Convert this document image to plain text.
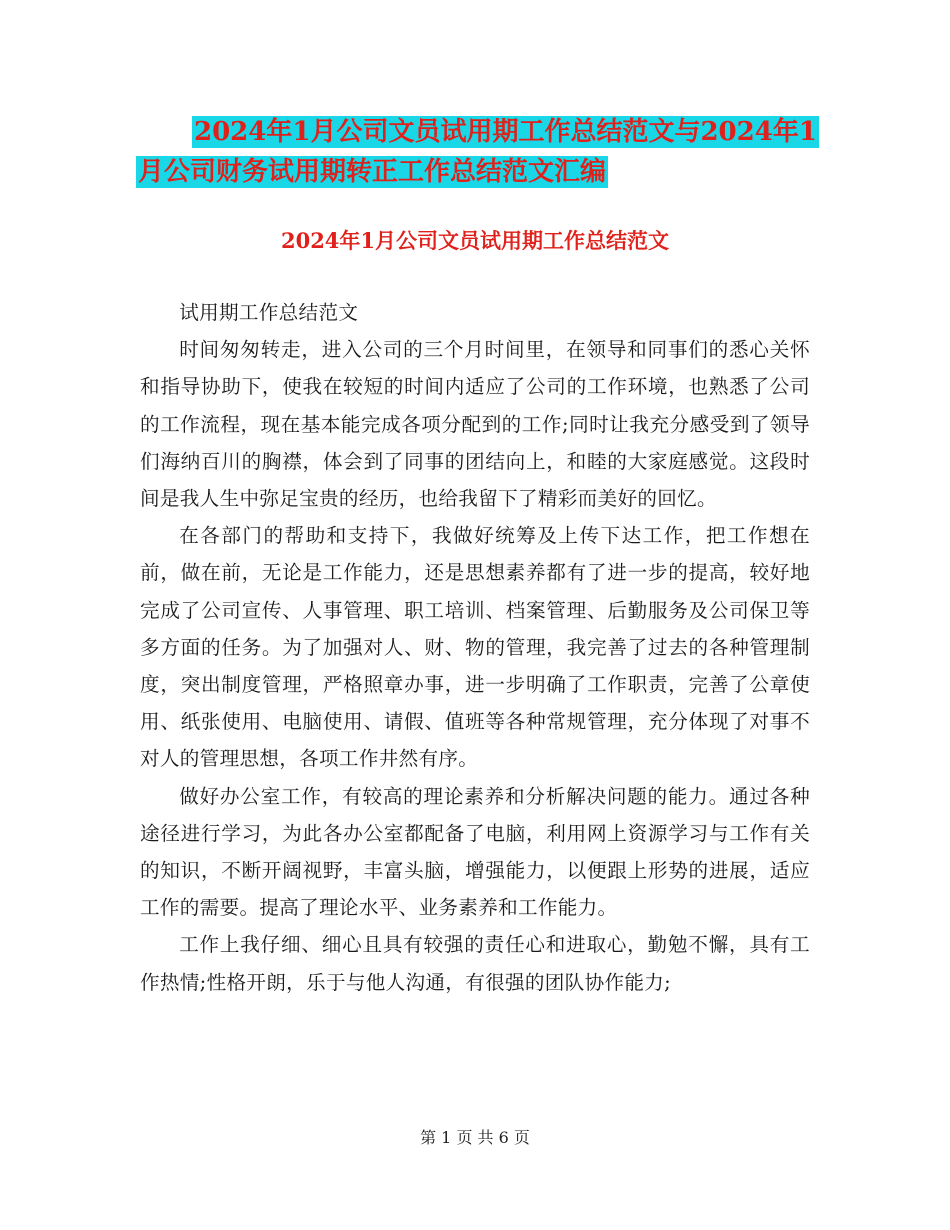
2024年1月公司文员试用期工作总结范文与2024年1
月公司财务试用期转正工作总结范文汇编
2024年1月公司文员试用期工作总结范文

试用期工作总结范文

时间匆匆转走，进入公司的三个月时间里，在领导和同事们的悉心关怀和指导协助下，使我在较短的时间内适应了公司的工作环境，也熟悉了公司的工作流程，现在基本能完成各项分配到的工作;同时让我充分感受到了领导们海纳百川的胸襟，体会到了同事的团结向上，和睦的大家庭感觉。这段时间是我人生中弥足宝贵的经历，也给我留下了精彩而美好的回忆。

在各部门的帮助和支持下，我做好统筹及上传下达工作，把工作想在前，做在前，无论是工作能力，还是思想素养都有了进一步的提高，较好地完成了公司宣传、人事管理、职工培训、档案管理、后勤服务及公司保卫等多方面的任务。为了加强对人、财、物的管理，我完善了过去的各种管理制度，突出制度管理，严格照章办事，进一步明确了工作职责，完善了公章使用、纸张使用、电脑使用、请假、值班等各种常规管理，充分体现了对事不对人的管理思想，各项工作井然有序。

做好办公室工作，有较高的理论素养和分析解决问题的能力。通过各种途径进行学习，为此各办公室都配备了电脑，利用网上资源学习与工作有关的知识，不断开阔视野，丰富头脑，增强能力，以便跟上形势的进展，适应工作的需要。提高了理论水平、业务素养和工作能力。

工作上我仔细、细心且具有较强的责任心和进取心，勤勉不懈，具有工作热情;性格开朗，乐于与他人沟通，有很强的团队协作能力;

第 1 页 共 6 页
